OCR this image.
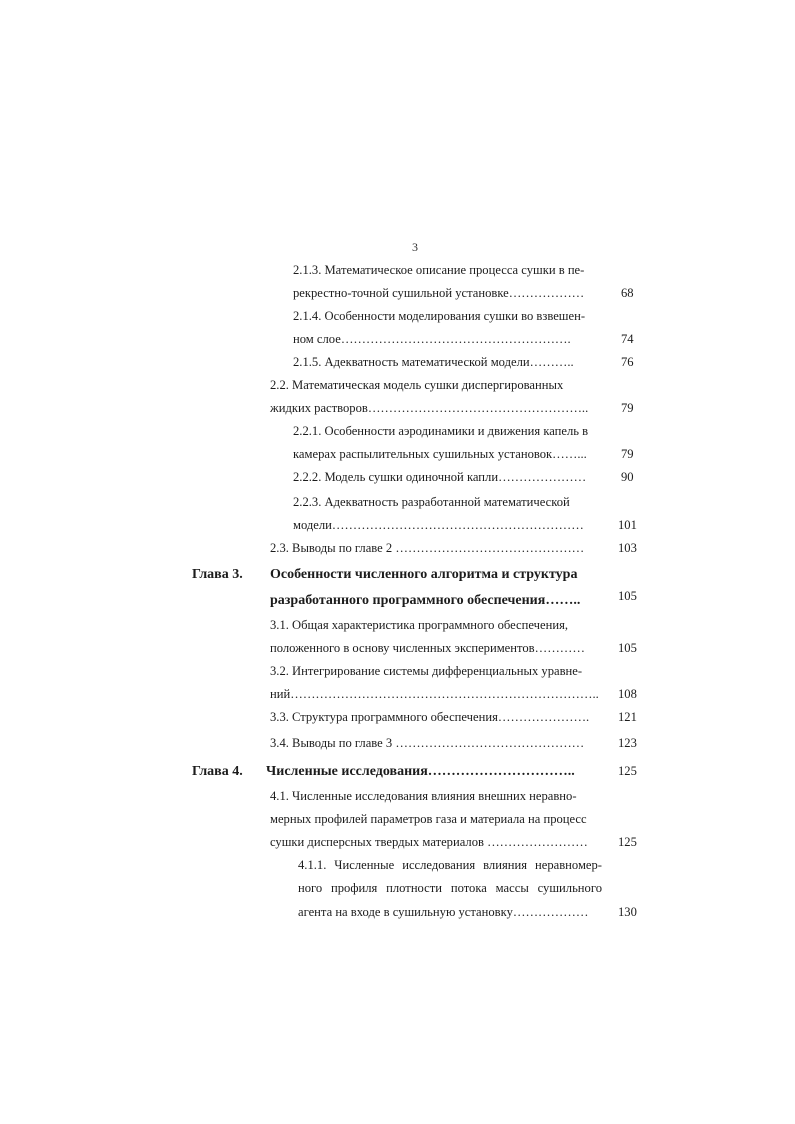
3
2.1.3. Математическое описание процесса сушки в пе-
рекрестно-точной сушильной установке………………	68
2.1.4. Особенности моделирования сушки во взвешен-
ном слое……………………………………………….	74
2.1.5. Адекватность математической модели………..	76
2.2. Математическая модель сушки диспергированных
жидких растворов……………………………………………..	79
2.2.1. Особенности аэродинамики и движения капель в
камерах распылительных сушильных установок……...	79
2.2.2. Модель сушки одиночной капли…………………	90
2.2.3. Адекватность разработанной математической
модели……………………………………………………	101
2.3. Выводы по главе 2 ………………………………………	103
Глава 3. Особенности численного алгоритма и структура
разработанного программного обеспечения……..	105
3.1. Общая характеристика программного обеспечения,
положенного в основу численных экспериментов…………	105
3.2. Интегрирование системы дифференциальных уравне-
ний……………………………………………………………….. 108
3.3. Структура программного обеспечения…………………. 121
3.4. Выводы по главе 3 ………………………………………	123
Глава 4. Численные исследования…………………………..	125
4.1. Численные исследования влияния внешних неравно-
мерных профилей параметров газа и материала на процесс
сушки дисперсных твердых материалов …………………… 125
4.1.1. Численные исследования влияния неравномер-
ного профиля плотности потока массы сушильного
агента на входе в сушильную установку……………… 130
